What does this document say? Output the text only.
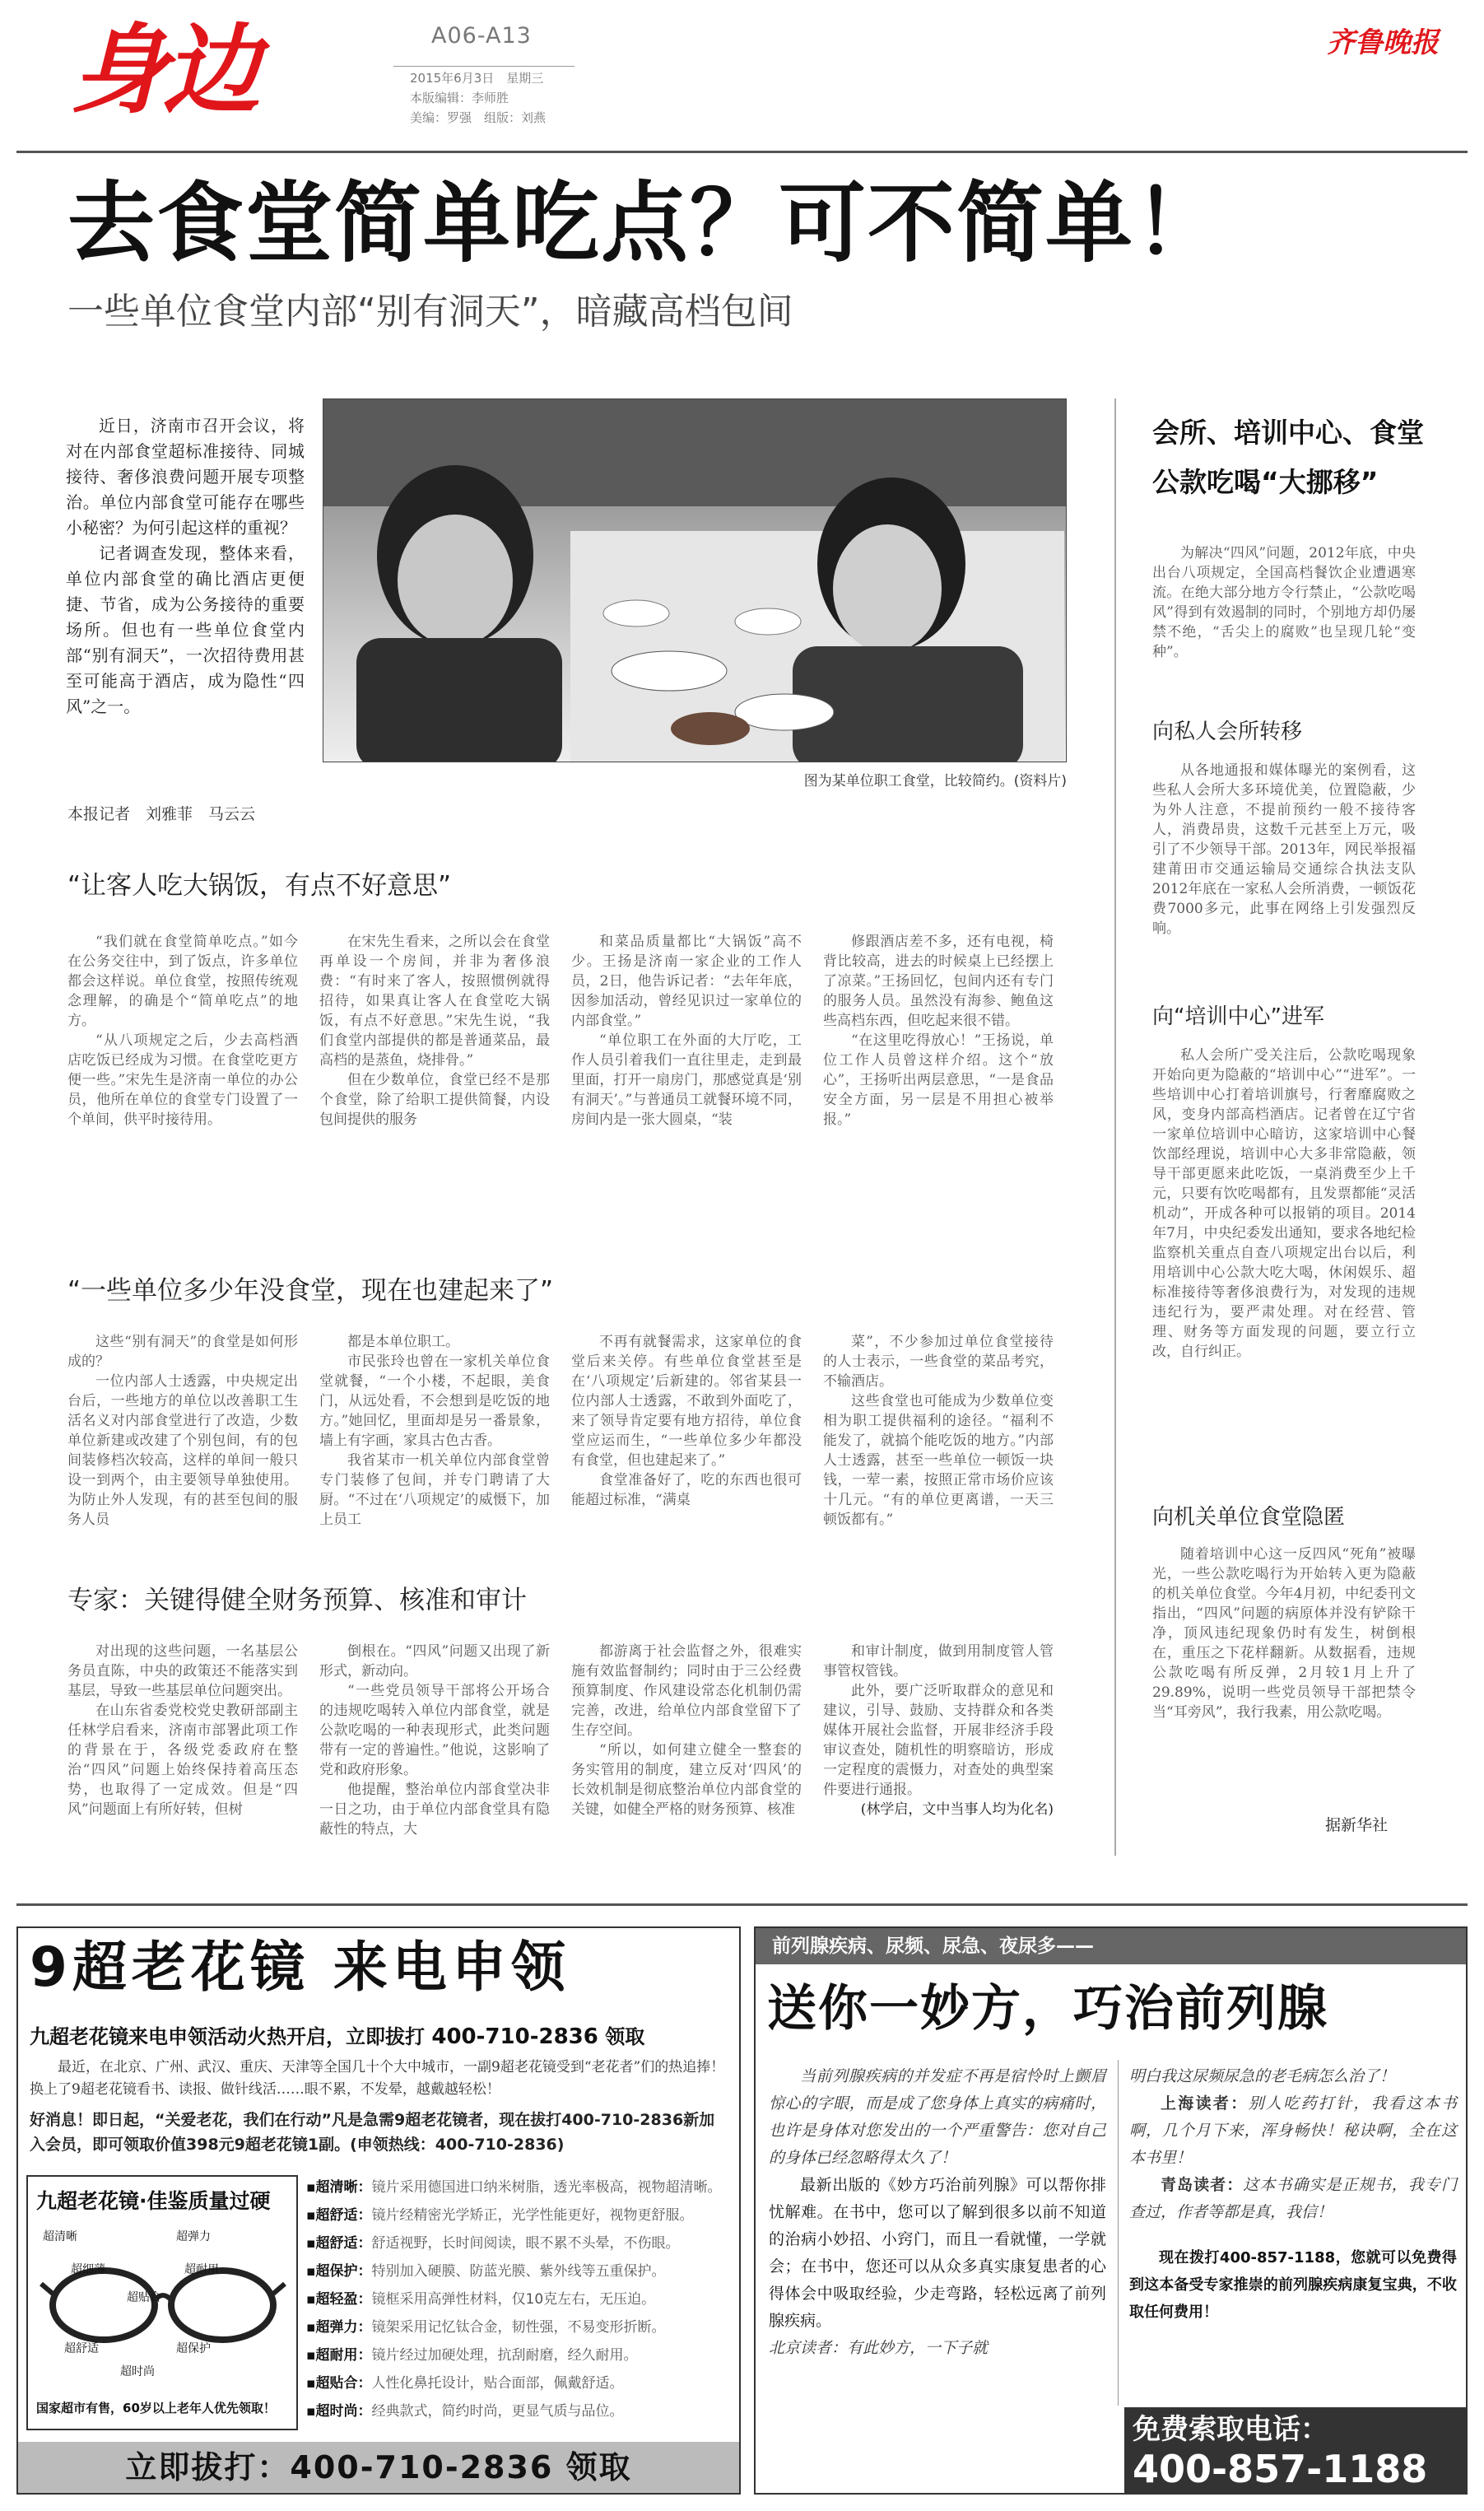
身边	A06-A13
2015年6月3日　星期三
本版编辑：李师胜
美编：罗强　组版：刘燕
齐鲁晚报
去食堂简单吃点？可不简单！
一些单位食堂内部“别有洞天”，暗藏高档包间

近日，济南市召开会议，将对在内部食堂超标准接待、同城接待、奢侈浪费问题开展专项整治。单位内部食堂可能存在哪些小秘密？为何引起这样的重视？

记者调查发现，整体来看，单位内部食堂的确比酒店更便捷、节省，成为公务接待的重要场所。但也有一些单位食堂内部“别有洞天”，一次招待费用甚至可能高于酒店，成为隐性“四风”之一。

图为某单位职工食堂，比较简约。(资料片)
本报记者　刘雅菲　马云云
“让客人吃大锅饭，有点不好意思”

“我们就在食堂简单吃点。”如今在公务交往中，到了饭点，许多单位都会这样说。单位食堂，按照传统观念理解，的确是个“简单吃点”的地方。

“从八项规定之后，少去高档酒店吃饭已经成为习惯。在食堂吃更方便一些。”宋先生是济南一单位的办公员，他所在单位的食堂专门设置了一个单间，供平时接待用。

在宋先生看来，之所以会在食堂再单设一个房间，并非为奢侈浪费：“有时来了客人，按照惯例就得招待，如果真让客人在食堂吃大锅饭，有点不好意思。”宋先生说，“我们食堂内部提供的都是普通菜品，最高档的是蒸鱼，烧排骨。”

但在少数单位，食堂已经不是那个食堂，除了给职工提供简餐，内设包间提供的服务

和菜品质量都比“大锅饭”高不少。王扬是济南一家企业的工作人员，2日，他告诉记者：“去年年底，因参加活动，曾经见识过一家单位的内部食堂。”

“单位职工在外面的大厅吃，工作人员引着我们一直往里走，走到最里面，打开一扇房门，那感觉真是‘别有洞天’。”与普通员工就餐环境不同，房间内是一张大圆桌，“装

修跟酒店差不多，还有电视，椅背比较高，进去的时候桌上已经摆上了凉菜。”王扬回忆，包间内还有专门的服务人员。虽然没有海参、鲍鱼这些高档东西，但吃起来很不错。

“在这里吃得放心！”王扬说，单位工作人员曾这样介绍。这个“放心”，王扬听出两层意思，“一是食品安全方面，另一层是不用担心被举报。”

“一些单位多少年没食堂，现在也建起来了”

这些“别有洞天”的食堂是如何形成的？

一位内部人士透露，中央规定出台后，一些地方的单位以改善职工生活名义对内部食堂进行了改造，少数单位新建或改建了个别包间，有的包间装修档次较高，这样的单间一般只设一到两个，由主要领导单独使用。为防止外人发现，有的甚至包间的服务人员

都是本单位职工。

市民张玲也曾在一家机关单位食堂就餐，“一个小楼，不起眼，美食门，从远处看，不会想到是吃饭的地方。”她回忆，里面却是另一番景象，墙上有字画，家具古色古香。

我省某市一机关单位内部食堂曾专门装修了包间，并专门聘请了大厨。“不过在‘八项规定’的威慑下，加上员工

不再有就餐需求，这家单位的食堂后来关停。有些单位食堂甚至是在‘八项规定’后新建的。邻省某县一位内部人士透露，不敢到外面吃了，来了领导肯定要有地方招待，单位食堂应运而生，“一些单位多少年都没有食堂，但也建起来了。”

食堂准备好了，吃的东西也很可能超过标准，“满桌

菜”，不少参加过单位食堂接待的人士表示，一些食堂的菜品考究，不输酒店。

这些食堂也可能成为少数单位变相为职工提供福利的途径。“福利不能发了，就搞个能吃饭的地方。”内部人士透露，甚至一些单位一顿饭一块钱，一荤一素，按照正常市场价应该十几元。“有的单位更离谱，一天三顿饭都有。”

专家：关键得健全财务预算、核准和审计

对出现的这些问题，一名基层公务员直陈，中央的政策还不能落实到基层，导致一些基层单位问题突出。

在山东省委党校党史教研部副主任林学启看来，济南市部署此项工作的背景在于，各级党委政府在整治“四风”问题上始终保持着高压态势，也取得了一定成效。但是“四风”问题面上有所好转，但树

倒根在。“四风”问题又出现了新形式，新动向。

“一些党员领导干部将公开场合的违规吃喝转入单位内部食堂，就是公款吃喝的一种表现形式，此类问题带有一定的普遍性。”他说，这影响了党和政府形象。

他提醒，整治单位内部食堂决非一日之功，由于单位内部食堂具有隐蔽性的特点，大

都游离于社会监督之外，很难实施有效监督制约；同时由于三公经费预算制度、作风建设常态化机制仍需完善，改进，给单位内部食堂留下了生存空间。

“所以，如何建立健全一整套的务实管用的制度，建立反对‘四风’的长效机制是彻底整治单位内部食堂的关键，如健全严格的财务预算、核准

和审计制度，做到用制度管人管事管权管钱。

此外，要广泛听取群众的意见和建议，引导、鼓励、支持群众和各类媒体开展社会监督，开展非经济手段审议查处，随机性的明察暗访，形成一定程度的震慑力，对查处的典型案件要进行通报。

(林学启，文中当事人均为化名)

会所、培训中心、食堂
公款吃喝“大挪移”

为解决“四风”问题，2012年底，中央出台八项规定，全国高档餐饮企业遭遇寒流。在绝大部分地方令行禁止，“公款吃喝风”得到有效遏制的同时，个别地方却仍屡禁不绝，“舌尖上的腐败”也呈现几轮“变种”。

向私人会所转移

从各地通报和媒体曝光的案例看，这些私人会所大多环境优美，位置隐蔽，少为外人注意，不提前预约一般不接待客人，消费昂贵，这数千元甚至上万元，吸引了不少领导干部。2013年，网民举报福建莆田市交通运输局交通综合执法支队2012年底在一家私人会所消费，一顿饭花费7000多元，此事在网络上引发强烈反响。

向“培训中心”进军

私人会所广受关注后，公款吃喝现象开始向更为隐蔽的“培训中心”“进军”。一些培训中心打着培训旗号，行奢靡腐败之风，变身内部高档酒店。记者曾在辽宁省一家单位培训中心暗访，这家培训中心餐饮部经理说，培训中心大多非常隐蔽，领导干部更愿来此吃饭，一桌消费至少上千元，只要有饮吃喝都有，且发票都能“灵活机动”，开成各种可以报销的项目。2014年7月，中央纪委发出通知，要求各地纪检监察机关重点自查八项规定出台以后，利用培训中心公款大吃大喝，休闲娱乐、超标准接待等奢侈浪费行为，对发现的违规违纪行为，要严肃处理。对在经营、管理、财务等方面发现的问题，要立行立改，自行纠正。

向机关单位食堂隐匿

随着培训中心这一反四风“死角”被曝光，一些公款吃喝行为开始转入更为隐蔽的机关单位食堂。今年4月初，中纪委刊文指出，“四风”问题的病原体并没有铲除干净，顶风违纪现象仍时有发生，树倒根在，重压之下花样翻新。从数据看，违规公款吃喝有所反弹，2月较1月上升了29.89%，说明一些党员领导干部把禁令当“耳旁风”，我行我素，用公款吃喝。

据新华社
9超老花镜 来电申领
九超老花镜来电申领活动火热开启，立即拔打 400-710-2836 领取
最近，在北京、广州、武汉、重庆、天津等全国几十个大中城市，一副9超老花镜受到“老花者”们的热追捧！换上了9超老花镜看书、读报、做针线活……眼不累，不发晕，越戴越轻松！
好消息！即日起，“关爱老花，我们在行动”凡是急需9超老花镜者，现在拔打400-710-2836新加入会员，即可领取价值398元9超老花镜1副。(申领热线：400-710-2836)
九超老花镜·佳鉴质量过硬
超清晰	超弹力
超细薄	超耐用
超贴合
超舒适	超保护
超时尚
国家超市有售，60岁以上老年人优先领取！
▪超清晰：镜片采用德国进口纳米树脂，透光率极高，视物超清晰。
▪超舒适：镜片经精密光学矫正，光学性能更好，视物更舒服。
▪超舒适：舒适视野，长时间阅读，眼不累不头晕，不伤眼。
▪超保护：特别加入硬膜、防蓝光膜、紫外线等五重保护。
▪超轻盈：镜框采用高弹性材料，仅10克左右，无压迫。
▪超弹力：镜架采用记忆钛合金，韧性强，不易变形折断。
▪超耐用：镜片经过加硬处理，抗刮耐磨，经久耐用。
▪超贴合：人性化鼻托设计，贴合面部，佩戴舒适。
▪超时尚：经典款式，简约时尚，更显气质与品位。
立即拔打：400-710-2836 领取
前列腺疾病、尿频、尿急、夜尿多——
送你一妙方，巧治前列腺

当前列腺疾病的并发症不再是宿怜时上颤眉惊心的字眼，而是成了您身体上真实的病痛时，也许是身体对您发出的一个严重警告：您对自己的身体已经忽略得太久了！

最新出版的《妙方巧治前列腺》可以帮你排忧解难。在书中，您可以了解到很多以前不知道的治病小妙招、小窍门，而且一看就懂，一学就会；在书中，您还可以从众多真实康复患者的心得体会中吸取经验，少走弯路，轻松远离了前列腺疾病。

北京读者：有此妙方，一下子就

明白我这尿频尿急的老毛病怎么治了！

上海读者：别人吃药打针，我看这本书啊，几个月下来，浑身畅快！秘诀啊，全在这本书里！

青岛读者：这本书确实是正规书，我专门查过，作者等都是真，我信！

现在拨打400-857-1188，您就可以免费得到这本备受专家推崇的前列腺疾病康复宝典，不收取任何费用！

免费索取电话：
400-857-1188
